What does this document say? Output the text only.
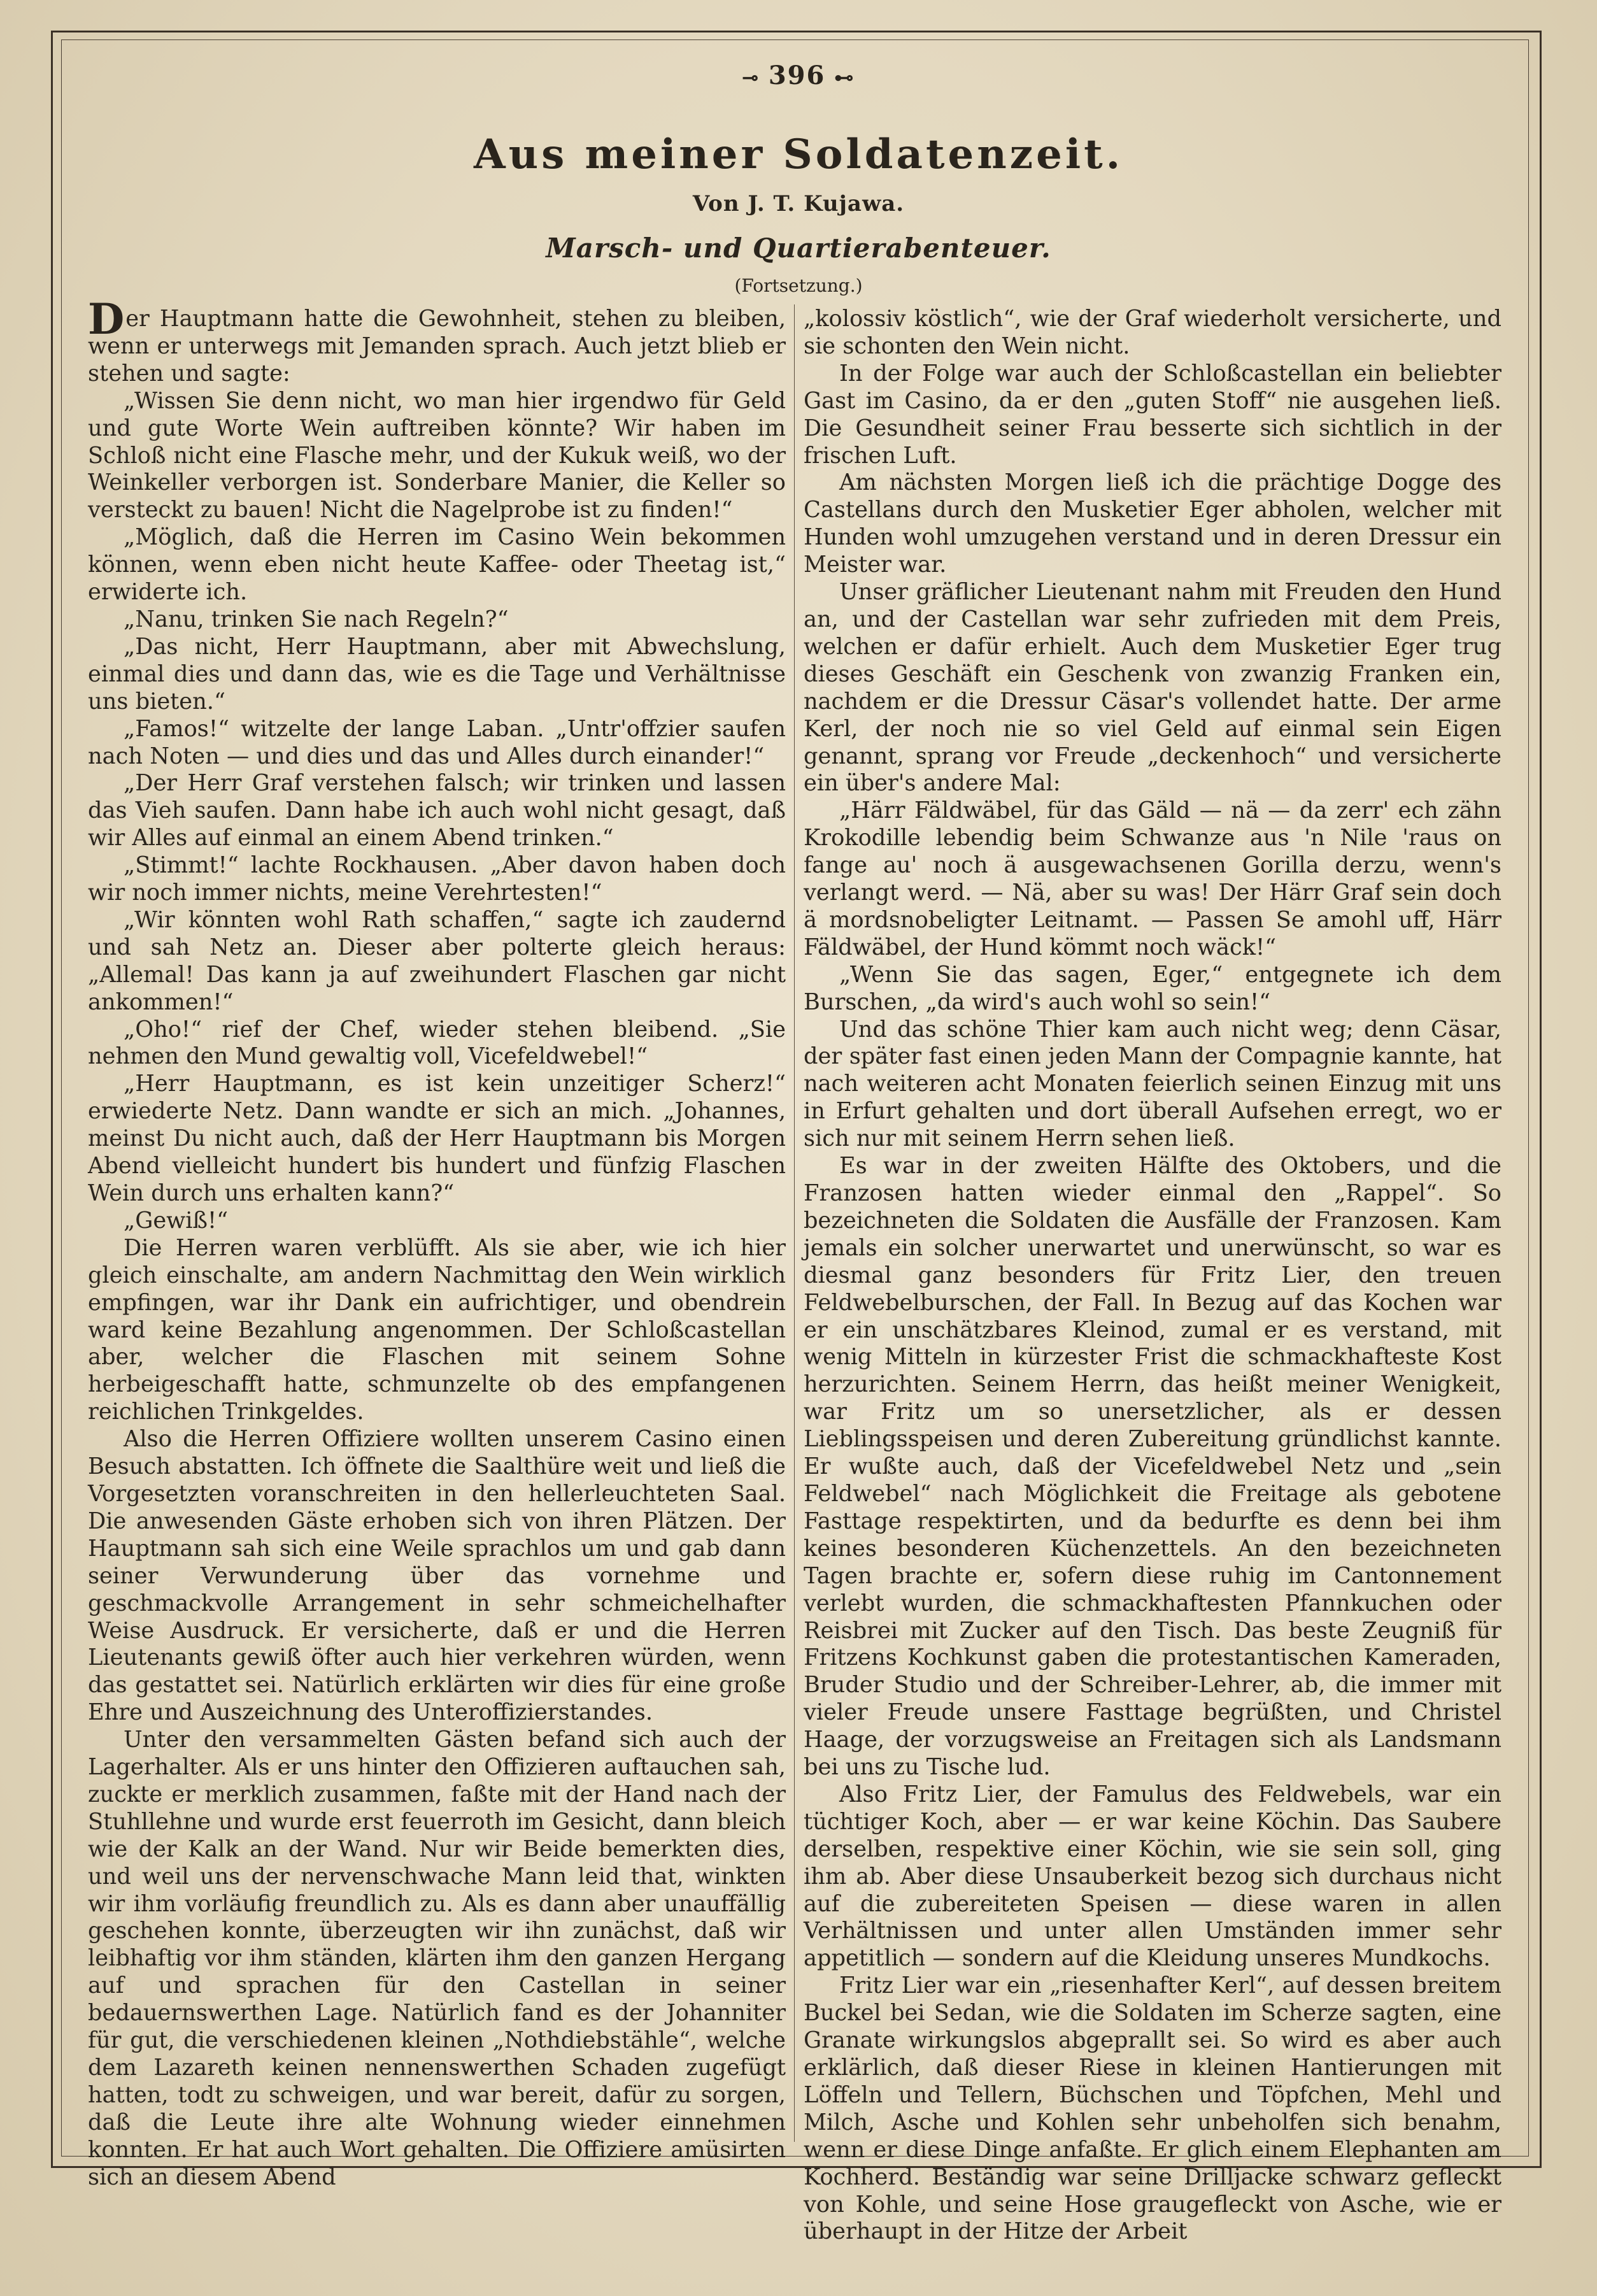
⊸ 396 ⊷
Aus meiner Soldatenzeit.
Von J. T. Kujawa.
Marsch- und Quartierabenteuer.
(Fortsetzung.)

Der Hauptmann hatte die Gewohnheit, stehen zu bleiben, wenn er unterwegs mit Jemanden sprach. Auch jetzt blieb er stehen und sagte:

„Wissen Sie denn nicht, wo man hier irgendwo für Geld und gute Worte Wein auftreiben könnte? Wir haben im Schloß nicht eine Flasche mehr, und der Kukuk weiß, wo der Weinkeller verborgen ist. Sonderbare Manier, die Keller so versteckt zu bauen! Nicht die Nagelprobe ist zu finden!“

„Möglich, daß die Herren im Casino Wein bekommen können, wenn eben nicht heute Kaffee- oder Theetag ist,“ erwiderte ich.

„Nanu, trinken Sie nach Regeln?“

„Das nicht, Herr Hauptmann, aber mit Abwechslung, einmal dies und dann das, wie es die Tage und Verhältnisse uns bieten.“

„Famos!“ witzelte der lange Laban. „Untr'offzier saufen nach Noten — und dies und das und Alles durch einander!“

„Der Herr Graf verstehen falsch; wir trinken und lassen das Vieh saufen. Dann habe ich auch wohl nicht gesagt, daß wir Alles auf einmal an einem Abend trinken.“

„Stimmt!“ lachte Rockhausen. „Aber davon haben doch wir noch immer nichts, meine Verehrtesten!“

„Wir könnten wohl Rath schaffen,“ sagte ich zaudernd und sah Netz an. Dieser aber polterte gleich heraus: „Allemal! Das kann ja auf zweihundert Flaschen gar nicht ankommen!“

„Oho!“ rief der Chef, wieder stehen bleibend. „Sie nehmen den Mund gewaltig voll, Vicefeldwebel!“

„Herr Hauptmann, es ist kein unzeitiger Scherz!“ erwiederte Netz. Dann wandte er sich an mich. „Johannes, meinst Du nicht auch, daß der Herr Hauptmann bis Morgen Abend vielleicht hundert bis hundert und fünfzig Flaschen Wein durch uns erhalten kann?“

„Gewiß!“

Die Herren waren verblüfft. Als sie aber, wie ich hier gleich einschalte, am andern Nachmittag den Wein wirklich empfingen, war ihr Dank ein aufrichtiger, und obendrein ward keine Bezahlung angenommen. Der Schloßcastellan aber, welcher die Flaschen mit seinem Sohne herbeigeschafft hatte, schmunzelte ob des empfangenen reichlichen Trinkgeldes.

Also die Herren Offiziere wollten unserem Casino einen Besuch abstatten. Ich öffnete die Saalthüre weit und ließ die Vorgesetzten voranschreiten in den hellerleuchteten Saal. Die anwesenden Gäste erhoben sich von ihren Plätzen. Der Hauptmann sah sich eine Weile sprachlos um und gab dann seiner Verwunderung über das vornehme und geschmackvolle Arrangement in sehr schmeichelhafter Weise Ausdruck. Er versicherte, daß er und die Herren Lieutenants gewiß öfter auch hier verkehren würden, wenn das gestattet sei. Natürlich erklärten wir dies für eine große Ehre und Auszeichnung des Unteroffizierstandes.

Unter den versammelten Gästen befand sich auch der Lagerhalter. Als er uns hinter den Offizieren auftauchen sah, zuckte er merklich zusammen, faßte mit der Hand nach der Stuhllehne und wurde erst feuerroth im Gesicht, dann bleich wie der Kalk an der Wand. Nur wir Beide bemerkten dies, und weil uns der nervenschwache Mann leid that, winkten wir ihm vorläufig freundlich zu. Als es dann aber unauffällig geschehen konnte, überzeugten wir ihn zunächst, daß wir leibhaftig vor ihm ständen, klärten ihm den ganzen Hergang auf und sprachen für den Castellan in seiner bedauernswerthen Lage. Natürlich fand es der Johanniter für gut, die verschiedenen kleinen „Nothdiebstähle“, welche dem Lazareth keinen nennenswerthen Schaden zugefügt hatten, todt zu schweigen, und war bereit, dafür zu sorgen, daß die Leute ihre alte Wohnung wieder einnehmen konnten. Er hat auch Wort gehalten. Die Offiziere amüsirten sich an diesem Abend

„kolossiv köstlich“, wie der Graf wiederholt versicherte, und sie schonten den Wein nicht.

In der Folge war auch der Schloßcastellan ein beliebter Gast im Casino, da er den „guten Stoff“ nie ausgehen ließ. Die Gesundheit seiner Frau besserte sich sichtlich in der frischen Luft.

Am nächsten Morgen ließ ich die prächtige Dogge des Castellans durch den Musketier Eger abholen, welcher mit Hunden wohl umzugehen verstand und in deren Dressur ein Meister war.

Unser gräflicher Lieutenant nahm mit Freuden den Hund an, und der Castellan war sehr zufrieden mit dem Preis, welchen er dafür erhielt. Auch dem Musketier Eger trug dieses Geschäft ein Geschenk von zwanzig Franken ein, nachdem er die Dressur Cäsar's vollendet hatte. Der arme Kerl, der noch nie so viel Geld auf einmal sein Eigen genannt, sprang vor Freude „deckenhoch“ und versicherte ein über's andere Mal:

„Härr Fäldwäbel, für das Gäld — nä — da zerr' ech zähn Krokodille lebendig beim Schwanze aus 'n Nile 'raus on fange au' noch ä ausgewachsenen Gorilla derzu, wenn's verlangt werd. — Nä, aber su was! Der Härr Graf sein doch ä mordsnobeligter Leitnamt. — Passen Se amohl uff, Härr Fäldwäbel, der Hund kömmt noch wäck!“

„Wenn Sie das sagen, Eger,“ entgegnete ich dem Burschen, „da wird's auch wohl so sein!“

Und das schöne Thier kam auch nicht weg; denn Cäsar, der später fast einen jeden Mann der Compagnie kannte, hat nach weiteren acht Monaten feierlich seinen Einzug mit uns in Erfurt gehalten und dort überall Aufsehen erregt, wo er sich nur mit seinem Herrn sehen ließ.

Es war in der zweiten Hälfte des Oktobers, und die Franzosen hatten wieder einmal den „Rappel“. So bezeichneten die Soldaten die Ausfälle der Franzosen. Kam jemals ein solcher unerwartet und unerwünscht, so war es diesmal ganz besonders für Fritz Lier, den treuen Feldwebelburschen, der Fall. In Bezug auf das Kochen war er ein unschätzbares Kleinod, zumal er es verstand, mit wenig Mitteln in kürzester Frist die schmackhafteste Kost herzurichten. Seinem Herrn, das heißt meiner Wenigkeit, war Fritz um so unersetzlicher, als er dessen Lieblingsspeisen und deren Zubereitung gründlichst kannte. Er wußte auch, daß der Vicefeldwebel Netz und „sein Feldwebel“ nach Möglichkeit die Freitage als gebotene Fasttage respektirten, und da bedurfte es denn bei ihm keines besonderen Küchenzettels. An den bezeichneten Tagen brachte er, sofern diese ruhig im Cantonnement verlebt wurden, die schmackhaftesten Pfannkuchen oder Reisbrei mit Zucker auf den Tisch. Das beste Zeugniß für Fritzens Kochkunst gaben die protestantischen Kameraden, Bruder Studio und der Schreiber-Lehrer, ab, die immer mit vieler Freude unsere Fasttage begrüßten, und Christel Haage, der vorzugsweise an Freitagen sich als Landsmann bei uns zu Tische lud.

Also Fritz Lier, der Famulus des Feldwebels, war ein tüchtiger Koch, aber — er war keine Köchin. Das Saubere derselben, respektive einer Köchin, wie sie sein soll, ging ihm ab. Aber diese Unsauberkeit bezog sich durchaus nicht auf die zubereiteten Speisen — diese waren in allen Verhältnissen und unter allen Umständen immer sehr appetitlich — sondern auf die Kleidung unseres Mundkochs.

Fritz Lier war ein „riesenhafter Kerl“, auf dessen breitem Buckel bei Sedan, wie die Soldaten im Scherze sagten, eine Granate wirkungslos abgeprallt sei. So wird es aber auch erklärlich, daß dieser Riese in kleinen Hantierungen mit Löffeln und Tellern, Büchschen und Töpfchen, Mehl und Milch, Asche und Kohlen sehr unbeholfen sich benahm, wenn er diese Dinge anfaßte. Er glich einem Elephanten am Kochherd. Beständig war seine Drilljacke schwarz gefleckt von Kohle, und seine Hose graugefleckt von Asche, wie er überhaupt in der Hitze der Arbeit
